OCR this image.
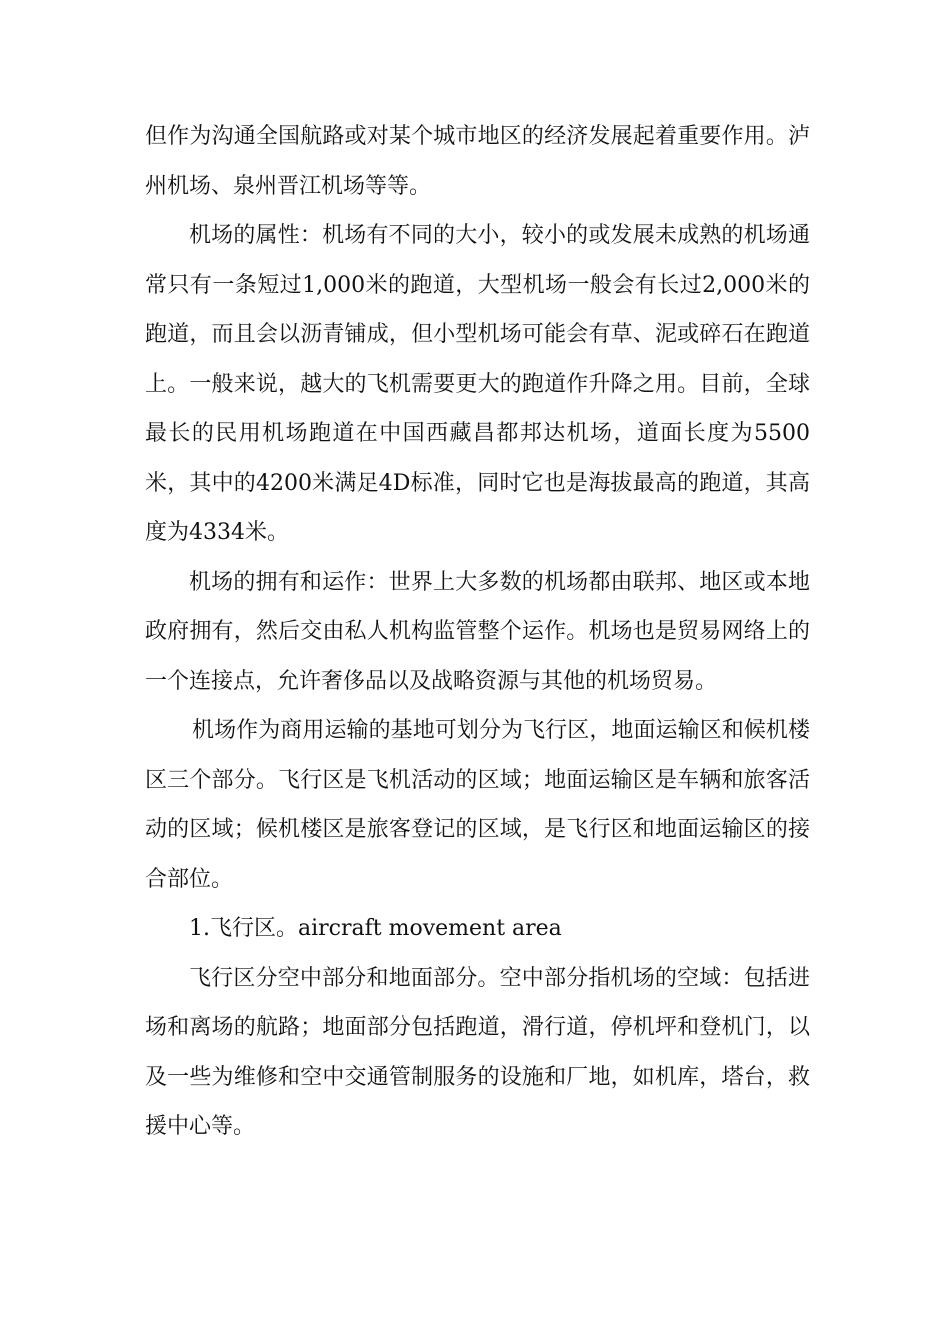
但作为沟通全国航路或对某个城市地区的经济发展起着重要作用。泸州机场、泉州晋江机场等等。

机场的属性：机场有不同的大小，较小的或发展未成熟的机场通常只有一条短过1,000米的跑道，大型机场一般会有长过2,000米的跑道，而且会以沥青铺成，但小型机场可能会有草、泥或碎石在跑道上。一般来说，越大的飞机需要更大的跑道作升降之用。目前，全球最长的民用机场跑道在中国西藏昌都邦达机场，道面长度为5500米，其中的4200米满足4D标准，同时它也是海拔最高的跑道，其高度为4334米。

机场的拥有和运作：世界上大多数的机场都由联邦、地区或本地政府拥有，然后交由私人机构监管整个运作。机场也是贸易网络上的一个连接点，允许奢侈品以及战略资源与其他的机场贸易。

机场作为商用运输的基地可划分为飞行区，地面运输区和候机楼区三个部分。飞行区是飞机活动的区域；地面运输区是车辆和旅客活动的区域；候机楼区是旅客登记的区域，是飞行区和地面运输区的接合部位。

1.飞行区。aircraft movement area

飞行区分空中部分和地面部分。空中部分指机场的空域：包括进场和离场的航路；地面部分包括跑道，滑行道，停机坪和登机门，以及一些为维修和空中交通管制服务的设施和厂地，如机库，塔台，救援中心等。
